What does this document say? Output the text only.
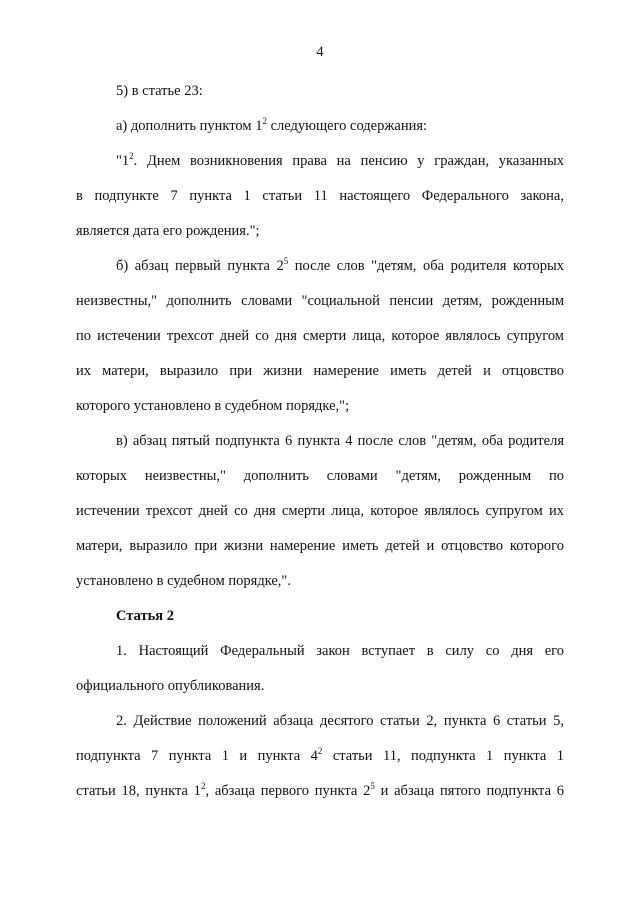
4
5) в статье 23:
а) дополнить пунктом $1^2$ следующего содержания:
"$1^2$. Днем возникновения права на пенсию у граждан, указанных
в подпункте 7 пункта 1 статьи 11 настоящего Федерального закона,
является дата его рождения.";
б) абзац первый пункта $2^5$ после слов "детям, оба родителя которых
неизвестны," дополнить словами "социальной пенсии детям, рожденным
по истечении трехсот дней со дня смерти лица, которое являлось супругом
их матери, выразило при жизни намерение иметь детей и отцовство
которого установлено в судебном порядке,";
в) абзац пятый подпункта 6 пункта 4 после слов "детям, оба родителя
которых неизвестны," дополнить словами "детям, рожденным по
истечении трехсот дней со дня смерти лица, которое являлось супругом их
матери, выразило при жизни намерение иметь детей и отцовство которого
установлено в судебном порядке,".
Статья 2
1. Настоящий Федеральный закон вступает в силу со дня его
официального опубликования.
2. Действие положений абзаца десятого статьи 2, пункта 6 статьи 5,
подпункта 7 пункта 1 и пункта $4^2$ статьи 11, подпункта 1 пункта 1
статьи 18, пункта $1^2$, абзаца первого пункта $2^5$ и абзаца пятого подпункта 6
